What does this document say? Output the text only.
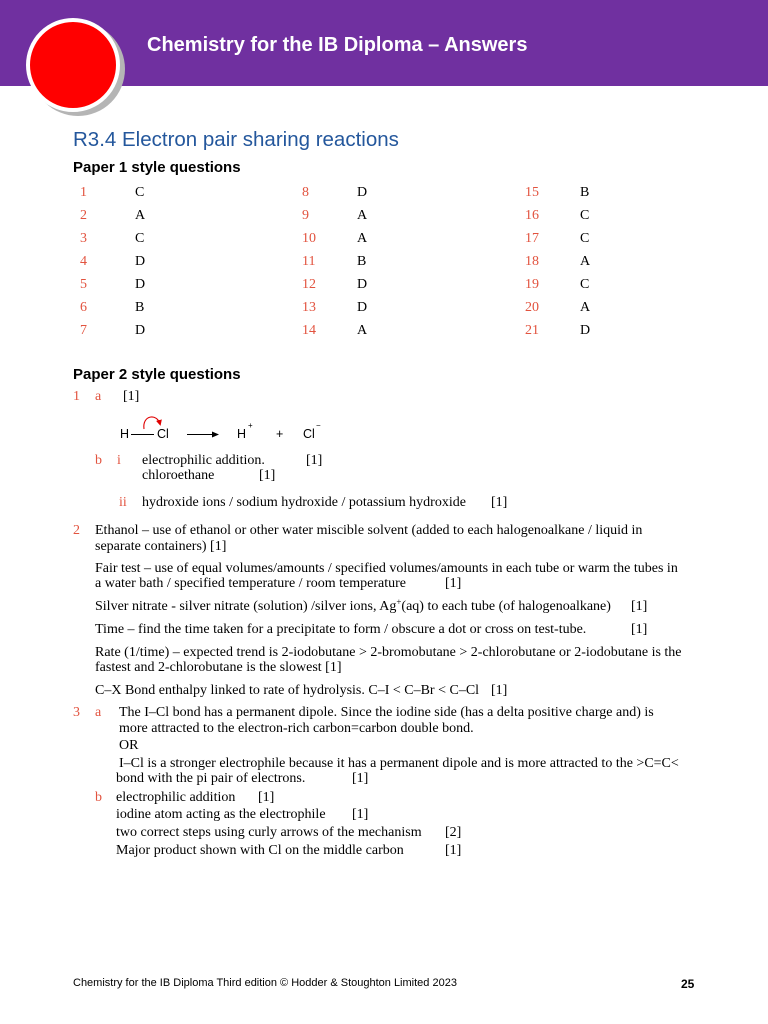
Chemistry for the IB Diploma – Answers
R3.4 Electron pair sharing reactions
Paper 1 style questions
1	C
2	A
3	C
4	D
5	D
6	B
7	D
8	D
9	A
10	A
11	B
12	D
13	D
14	A
15	B
16	C
17	C
18	A
19	C
20	A
21	D
Paper 2 style questions
1 a [1]
H Cl	H
+
+ Cl
−
b i electrophilic addition.	[1]
chloroethane	[1]
ii hydroxide ions / sodium hydroxide / potassium hydroxide [1]
2 Ethanol – use of ethanol or other water miscible solvent (added to each halogenoalkane / liquid in
separate containers) [1]
Fair test – use of equal volumes/amounts / specified volumes/amounts in each tube or warm the tubes in
a water bath / specified temperature / room temperature	[1]
Silver nitrate - silver nitrate (solution) /silver ions, Ag+(aq) to each tube (of halogenoalkane) [1]
Time – find the time taken for a precipitate to form / obscure a dot or cross on test-tube.	[1]
Rate (1/time) – expected trend is 2-iodobutane > 2-bromobutane > 2-chlorobutane or 2-iodobutane is the
fastest and 2-chlorobutane is the slowest [1]
C–X Bond enthalpy linked to rate of hydrolysis. C–I < C–Br < C–Cl [1]
3 a The I–Cl bond has a permanent dipole. Since the iodine side (has a delta positive charge and) is
more attracted to the electron-rich carbon=carbon double bond.
OR
I–Cl is a stronger electrophile because it has a permanent dipole and is more attracted to the >C=C<
bond with the pi pair of electrons.	[1]
b electrophilic addition [1]
iodine atom acting as the electrophile [1]
two correct steps using curly arrows of the mechanism [2]
Major product shown with Cl on the middle carbon	[1]
Chemistry for the IB Diploma Third edition © Hodder & Stoughton Limited 2023	25
